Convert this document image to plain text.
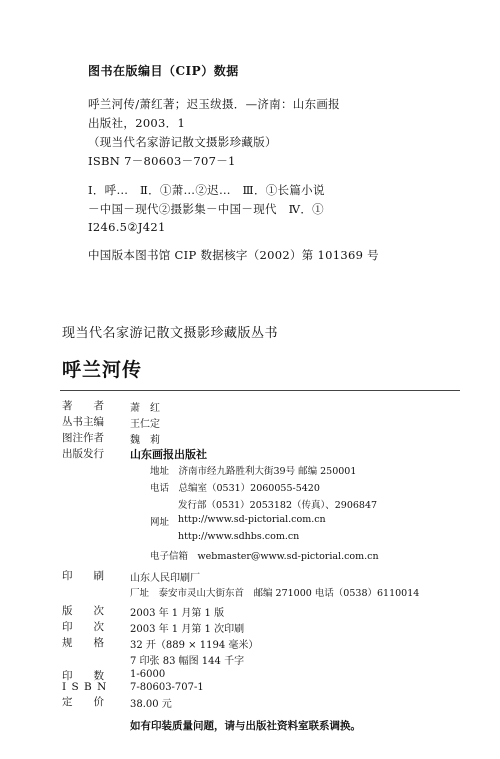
图书在版编目（CIP）数据
呼兰河传/萧红著；迟玉绂摄．—济南：山东画报
出版社，2003．1
（现当代名家游记散文摄影珍藏版）
ISBN 7－80603－707－1
Ⅰ．呼…　Ⅱ．①萧…②迟…　Ⅲ．①长篇小说
－中国－现代②摄影集－中国－现代　Ⅳ．①
I246.5②J421
中国版本图书馆 CIP 数据核字（2002）第 101369 号
现当代名家游记散文摄影珍藏版丛书
呼兰河传
著　　者	萧　红
丛书主编	王仁定
图注作者	魏　莉
出版发行 山东画报出版社
地址　济南市经九路胜利大街39号 邮编 250001
电话　总编室（0531）2060055-5420
发行部（0531）2053182（传真）、2906847
网址 http://www.sd-pictorial.com.cn
http://www.sdhbs.com.cn
电子信箱　webmaster@www.sd-pictorial.com.cn
印　　刷	山东人民印刷厂
厂址　泰安市灵山大街东首　邮编 271000 电话（0538）6110014
版　　次	2003 年 1 月第 1 版
印　　次	2003 年 1 月第 1 次印刷
规　　格	32 开（889 × 1194 毫米）
7 印张 83 幅图 144 千字
印　　数	1-6000
I S B N 7-80603-707-1
定　　价	38.00 元
如有印装质量问题，请与出版社资料室联系调换。
